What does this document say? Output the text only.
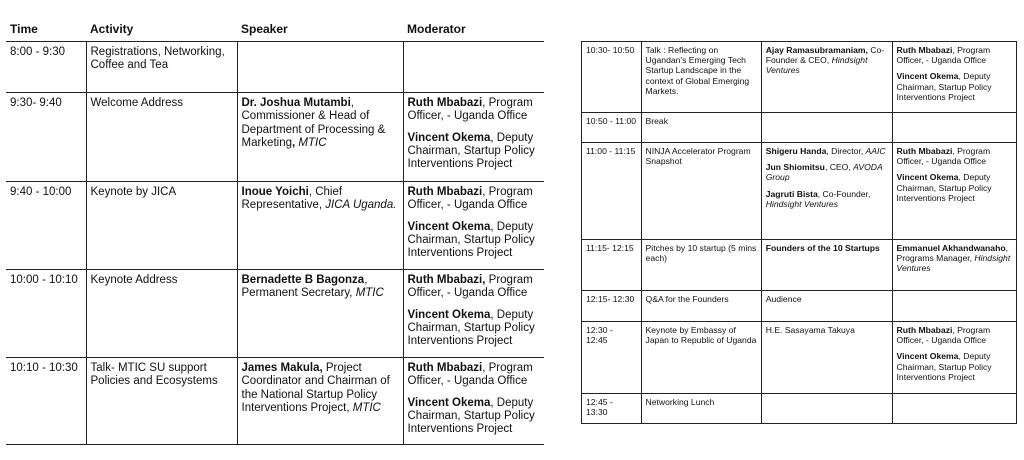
Time	Activity	Speaker	Moderator
8:00 - 9:30	Registrations, Networking, Coffee and Tea		
9:30- 9:40	Welcome Address	Dr. Joshua Mutambi, Commissioner & Head of Department of Processing & Marketing, MTIC	Ruth Mbabazi, Program Officer, - Uganda Office
Vincent Okema, Deputy Chairman, Startup Policy Interventions Project
9:40 - 10:00	Keynote by JICA	Inoue Yoichi, Chief Representative, JICA Uganda.	Ruth Mbabazi, Program Officer, - Uganda Office
Vincent Okema, Deputy Chairman, Startup Policy Interventions Project
10:00 - 10:10	Keynote Address	Bernadette B Bagonza, Permanent Secretary, MTIC	Ruth Mbabazi, Program Officer, - Uganda Office
Vincent Okema, Deputy Chairman, Startup Policy Interventions Project
10:10 - 10:30	Talk- MTIC SU support Policies and Ecosystems	James Makula, Project Coordinator and Chairman of the National Startup Policy Interventions Project, MTIC	Ruth Mbabazi, Program Officer, - Uganda Office
Vincent Okema, Deputy Chairman, Startup Policy Interventions Project
10:30- 10:50	Talk : Reflecting on Ugandan's Emerging Tech Startup Landscape in the context of Global Emerging Markets.	Ajay Ramasubramaniam, Co-Founder & CEO, Hindsight Ventures	Ruth Mbabazi, Program Officer, - Uganda Office
Vincent Okema, Deputy Chairman, Startup Policy Interventions Project
10:50 - 11:00	Break		
11:00 - 11:15	NINJA Accelerator Program Snapshot	Shigeru Handa, Director, AAIC
Jun Shiomitsu, CEO, AVODA Group
Jagruti Bista, Co-Founder, Hindsight Ventures	Ruth Mbabazi, Program Officer, - Uganda Office
Vincent Okema, Deputy Chairman, Startup Policy Interventions Project
11:15- 12:15	Pitches by 10 startup (5 mins each)	Founders of the 10 Startups	Emmanuel Akhandwanaho, Programs Manager, Hindsight Ventures
12:15- 12:30	Q&A for the Founders	Audience	
12:30 - 12:45	Keynote by Embassy of Japan to Republic of Uganda	H.E. Sasayama Takuya	Ruth Mbabazi, Program Officer, - Uganda Office
Vincent Okema, Deputy Chairman, Startup Policy Interventions Project
12:45 - 13:30	Networking Lunch		
